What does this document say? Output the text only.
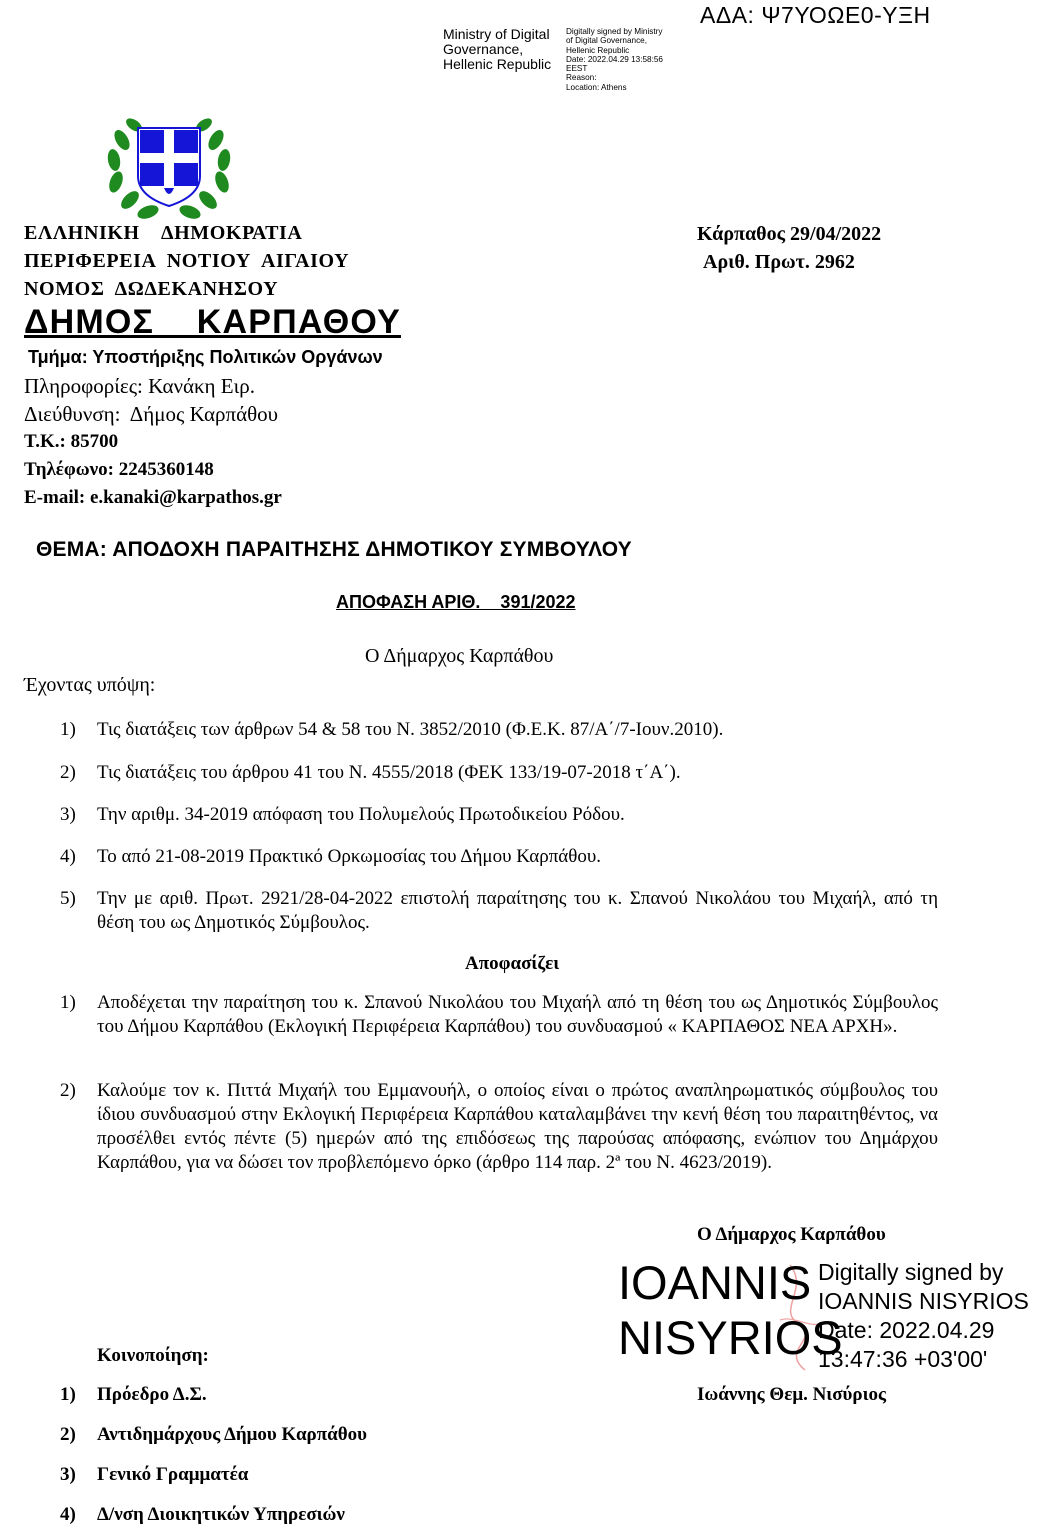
ΑΔΑ: Ψ7ΥΟΩΕ0-ΥΞΗ
Ministry of Digital
Governance,
Hellenic Republic
Digitally signed by Ministry
of Digital Governance,
Hellenic Republic
Date: 2022.04.29 13:58:56
EEST
Reason:
Location: Athens
ΕΛΛΗΝΙΚΗ    ΔΗΜΟΚΡΑΤΙΑ
ΠΕΡΙΦΕΡΕΙΑ  ΝΟΤΙΟΥ  ΑΙΓΑΙΟΥ
ΝΟΜΟΣ  ΔΩΔΕΚΑΝΗΣΟΥ
Κάρπαθος 29/04/2022
Αριθ. Πρωτ. 2962
ΔΗΜΟΣ    ΚΑΡΠΑΘΟΥ
Τμήμα: Υποστήριξης Πολιτικών Οργάνων
Πληροφορίες: Κανάκη Ειρ.
Διεύθυνση:  Δήμος Καρπάθου
Τ.Κ.: 85700
Τηλέφωνο: 2245360148
E-mail: e.kanaki@karpathos.gr
ΘΕΜΑ: ΑΠΟΔΟΧΗ ΠΑΡΑΙΤΗΣΗΣ ΔΗΜΟΤΙΚΟΥ ΣΥΜΒΟΥΛΟΥ
ΑΠΟΦΑΣΗ ΑΡΙΘ.    391/2022
Ο Δήμαρχος Καρπάθου
Έχοντας υπόψη:
1)	Τις διατάξεις των άρθρων 54 & 58 του Ν. 3852/2010 (Φ.Ε.Κ. 87/Α΄/7-Ιουν.2010).
2)	Τις διατάξεις του άρθρου 41 του Ν. 4555/2018 (ΦΕΚ 133/19-07-2018 τ΄Α΄).
3)	Την αριθμ. 34-2019 απόφαση του Πολυμελούς Πρωτοδικείου Ρόδου.
4)	Το από 21-08-2019 Πρακτικό Ορκωμοσίας του Δήμου Καρπάθου.
5)	Την με αριθ. Πρωτ. 2921/28-04-2022 επιστολή παραίτησης του κ. Σπανού Νικολάου του Μιχαήλ, από τη θέση του ως Δημοτικός Σύμβουλος.
Αποφασίζει
1)	Αποδέχεται την παραίτηση του κ. Σπανού Νικολάου του Μιχαήλ από τη θέση του ως Δημοτικός Σύμβουλος του Δήμου Καρπάθου (Εκλογική Περιφέρεια Καρπάθου) του συνδυασμού « ΚΑΡΠΑΘΟΣ ΝΕΑ ΑΡΧΗ».
2)	Καλούμε τον κ. Πιττά Μιχαήλ του Εμμανουήλ, ο οποίος είναι ο πρώτος αναπληρωματικός σύμβουλος του ίδιου συνδυασμού στην Εκλογική Περιφέρεια Καρπάθου καταλαμβάνει την κενή θέση του παραιτηθέντος, να προσέλθει εντός πέντε (5) ημερών από της επιδόσεως της παρούσας απόφασης, ενώπιον του Δημάρχου Καρπάθου, για να δώσει τον προβλεπόμενο όρκο (άρθρο 114 παρ. 2ª του Ν. 4623/2019).
Ο Δήμαρχος Καρπάθου
IOANNIS
NISYRIOS
Digitally signed by
IOANNIS NISYRIOS
Date: 2022.04.29
13:47:36 +03'00'
Ιωάννης Θεμ. Νισύριος
Κοινοποίηση:
1) Πρόεδρο Δ.Σ.
2) Αντιδημάρχους Δήμου Καρπάθου
3) Γενικό Γραμματέα
4) Δ/νση Διοικητικών Υπηρεσιών
